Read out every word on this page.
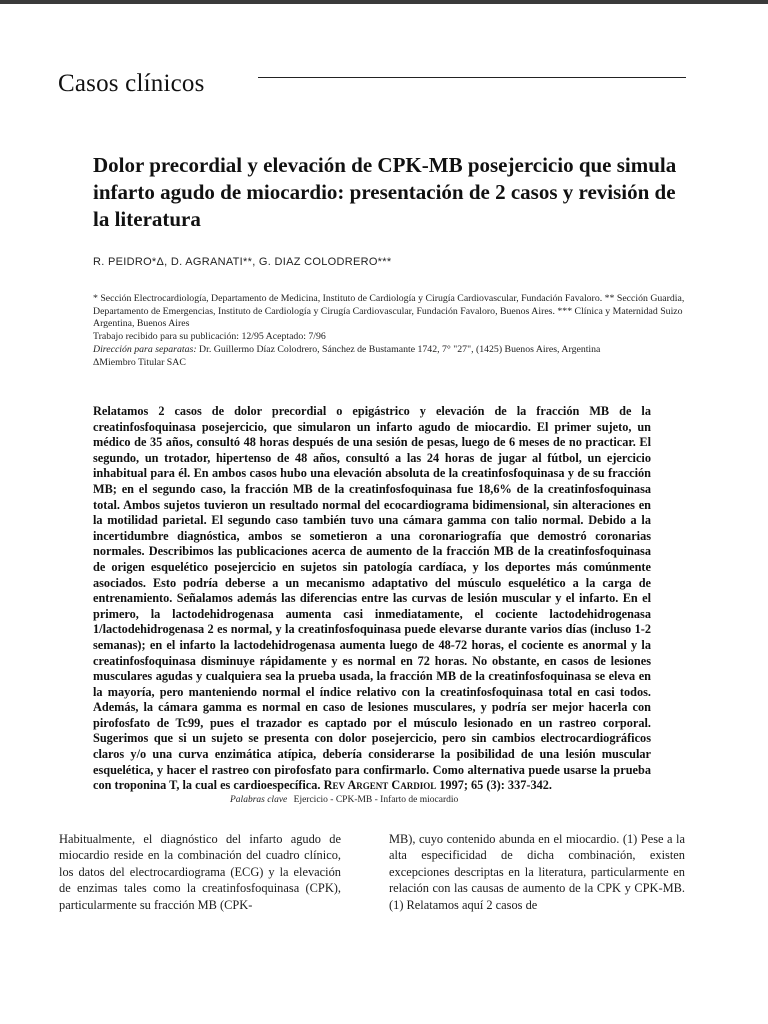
Casos clínicos
Dolor precordial y elevación de CPK-MB posejercicio que simula infarto agudo de miocardio: presentación de 2 casos y revisión de la literatura
R. PEIDRO*Δ, D. AGRANATI**, G. DIAZ COLODRERO***

* Sección Electrocardiología, Departamento de Medicina, Instituto de Cardiología y Cirugía Cardiovascular, Fundación Favaloro. ** Sección Guardia, Departamento de Emergencias, Instituto de Cardiología y Cirugía Cardiovascular, Fundación Favaloro, Buenos Aires. *** Clínica y Maternidad Suizo Argentina, Buenos Aires

Trabajo recibido para su publicación: 12/95 Aceptado: 7/96

Dirección para separatas: Dr. Guillermo Díaz Colodrero, Sánchez de Bustamante 1742, 7° "27", (1425) Buenos Aires, Argentina

ΔMiembro Titular SAC

Relatamos 2 casos de dolor precordial o epigástrico y elevación de la fracción MB de la creatinfosfoquinasa posejercicio, que simularon un infarto agudo de miocardio. El primer sujeto, un médico de 35 años, consultó 48 horas después de una sesión de pesas, luego de 6 meses de no practicar. El segundo, un trotador, hipertenso de 48 años, consultó a las 24 horas de jugar al fútbol, un ejercicio inhabitual para él. En ambos casos hubo una elevación absoluta de la creatinfosfoquinasa y de su fracción MB; en el segundo caso, la fracción MB de la creatinfosfoquinasa fue 18,6% de la creatinfosfoquinasa total. Ambos sujetos tuvieron un resultado normal del ecocardiograma bidimensional, sin alteraciones en la motilidad parietal. El segundo caso también tuvo una cámara gamma con talio normal. Debido a la incertidumbre diagnóstica, ambos se sometieron a una coronariografía que demostró coronarias normales. Describimos las publicaciones acerca de aumento de la fracción MB de la creatinfosfoquinasa de origen esquelético posejercicio en sujetos sin patología cardíaca, y los deportes más comúnmente asociados. Esto podría deberse a un mecanismo adaptativo del músculo esquelético a la carga de entrenamiento. Señalamos además las diferencias entre las curvas de lesión muscular y el infarto. En el primero, la lactodehidrogenasa aumenta casi inmediatamente, el cociente lactodehidrogenasa 1/lactodehidrogenasa 2 es normal, y la creatinfosfoquinasa puede elevarse durante varios días (incluso 1-2 semanas); en el infarto la lactodehidrogenasa aumenta luego de 48-72 horas, el cociente es anormal y la creatinfosfoquinasa disminuye rápidamente y es normal en 72 horas. No obstante, en casos de lesiones musculares agudas y cualquiera sea la prueba usada, la fracción MB de la creatinfosfoquinasa se eleva en la mayoría, pero manteniendo normal el índice relativo con la creatinfosfoquinasa total en casi todos. Además, la cámara gamma es normal en caso de lesiones musculares, y podría ser mejor hacerla con pirofosfato de Tc99, pues el trazador es captado por el músculo lesionado en un rastreo corporal. Sugerimos que si un sujeto se presenta con dolor posejercicio, pero sin cambios electrocardiográficos claros y/o una curva enzimática atípica, debería considerarse la posibilidad de una lesión muscular esquelética, y hacer el rastreo con pirofosfato para confirmarlo. Como alternativa puede usarse la prueba con troponina T, la cual es cardioespecífica. Rev Argent Cardiol 1997; 65 (3): 337-342.
Palabras clave Ejercicio - CPK-MB - Infarto de miocardio
Habitualmente, el diagnóstico del infarto agudo de miocardio reside en la combinación del cuadro clínico, los datos del electrocardiograma (ECG) y la elevación de enzimas tales como la creatinfosfoquinasa (CPK), particularmente su fracción MB (CPK-
MB), cuyo contenido abunda en el miocardio. (1) Pese a la alta especificidad de dicha combinación, existen excepciones descriptas en la literatura, particularmente en relación con las causas de aumento de la CPK y CPK-MB. (1) Relatamos aquí 2 casos de
